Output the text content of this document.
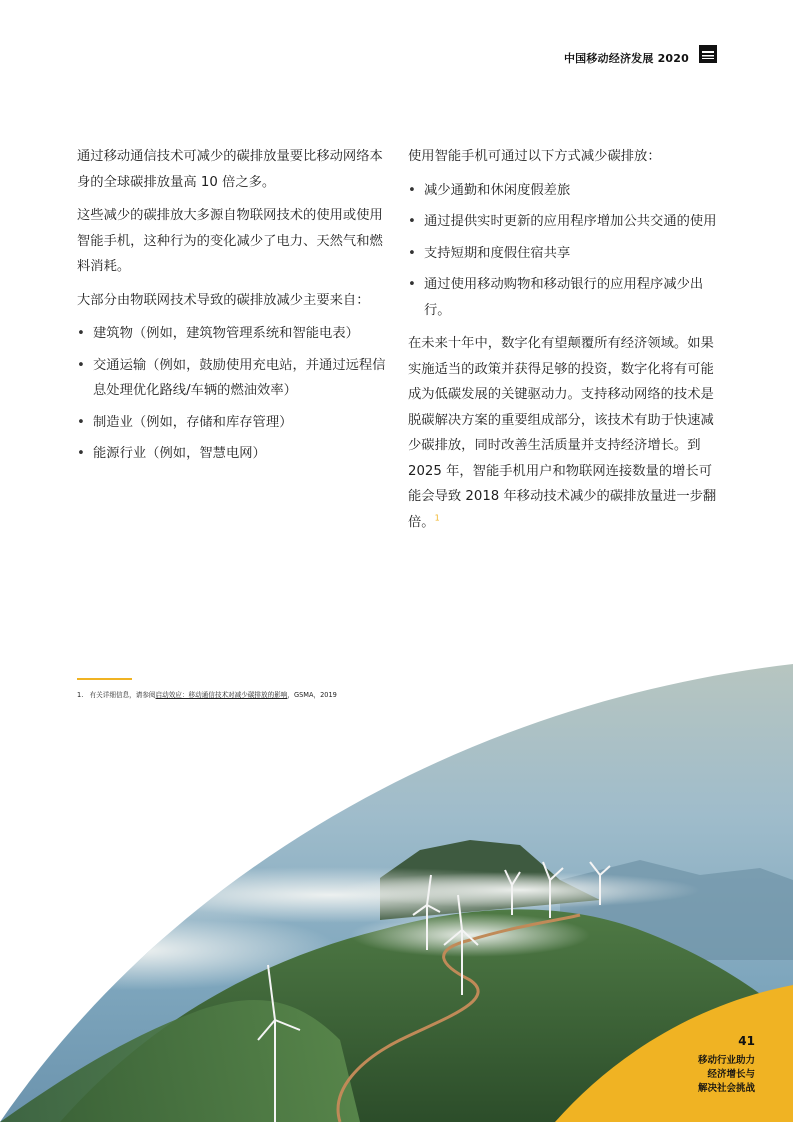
中国移动经济发展 2020

通过移动通信技术可减少的碳排放量要比移动网络本身的全球碳排放量高 10 倍之多。

这些减少的碳排放大多源自物联网技术的使用或使用智能手机，这种行为的变化减少了电力、天然气和燃料消耗。

大部分由物联网技术导致的碳排放减少主要来自：

• 建筑物（例如，建筑物管理系统和智能电表）
• 交通运输（例如，鼓励使用充电站，并通过远程信息处理优化路线/车辆的燃油效率）
• 制造业（例如，存储和库存管理）
• 能源行业（例如，智慧电网）

使用智能手机可通过以下方式减少碳排放：

• 减少通勤和休闲度假差旅
• 通过提供实时更新的应用程序增加公共交通的使用
• 支持短期和度假住宿共享
• 通过使用移动购物和移动银行的应用程序减少出行。

在未来十年中，数字化有望颠覆所有经济领域。如果实施适当的政策并获得足够的投资，数字化将有可能成为低碳发展的关键驱动力。支持移动网络的技术是脱碳解决方案的重要组成部分，该技术有助于快速减少碳排放，同时改善生活质量并支持经济增长。到 2025 年，智能手机用户和物联网连接数量的增长可能会导致 2018 年移动技术减少的碳排放量进一步翻倍。$^1$

1. 有关详细信息，请参阅启动效应：移动通信技术对减少碳排放的影响，GSMA，2019
41
移动行业助力
经济增长与
解决社会挑战
